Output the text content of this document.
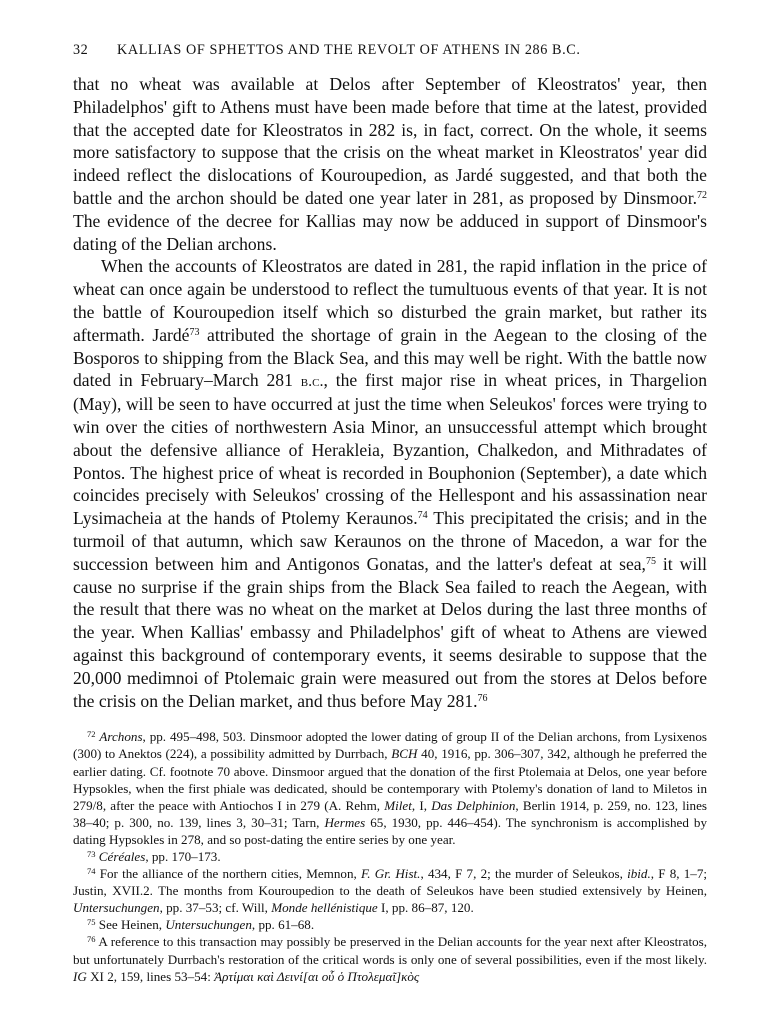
32	KALLIAS OF SPHETTOS AND THE REVOLT OF ATHENS IN 286 B.C.

that no wheat was available at Delos after September of Kleostratos' year, then Philadelphos' gift to Athens must have been made before that time at the latest, provided that the accepted date for Kleostratos in 282 is, in fact, correct. On the whole, it seems more satisfactory to suppose that the crisis on the wheat market in Kleostratos' year did indeed reflect the dislocations of Kouroupedion, as Jardé suggested, and that both the battle and the archon should be dated one year later in 281, as proposed by Dinsmoor.$^{72}$ The evidence of the decree for Kallias may now be adduced in support of Dinsmoor's dating of the Delian archons.

When the accounts of Kleostratos are dated in 281, the rapid inflation in the price of wheat can once again be understood to reflect the tumultuous events of that year. It is not the battle of Kouroupedion itself which so disturbed the grain market, but rather its aftermath. Jardé$^{73}$ attributed the shortage of grain in the Aegean to the closing of the Bosporos to shipping from the Black Sea, and this may well be right. With the battle now dated in February–March 281 b.c., the first major rise in wheat prices, in Thargelion (May), will be seen to have occurred at just the time when Seleukos' forces were trying to win over the cities of northwestern Asia Minor, an unsuccessful attempt which brought about the defensive alliance of Herakleia, Byzantion, Chalkedon, and Mithradates of Pontos. The highest price of wheat is recorded in Bouphonion (September), a date which coincides precisely with Seleukos' crossing of the Hellespont and his assassination near Lysimacheia at the hands of Ptolemy Keraunos.$^{74}$ This precipitated the crisis; and in the turmoil of that autumn, which saw Keraunos on the throne of Macedon, a war for the succession between him and Antigonos Gonatas, and the latter's defeat at sea,$^{75}$ it will cause no surprise if the grain ships from the Black Sea failed to reach the Aegean, with the result that there was no wheat on the market at Delos during the last three months of the year. When Kallias' embassy and Philadelphos' gift of wheat to Athens are viewed against this background of contemporary events, it seems desirable to suppose that the 20,000 medimnoi of Ptolemaic grain were measured out from the stores at Delos before the crisis on the Delian market, and thus before May 281.76

$^{72}$ Archons, pp. 495–498, 503. Dinsmoor adopted the lower dating of group II of the Delian archons, from Lysixenos (300) to Anektos (224), a possibility admitted by Durrbach, BCH 40, 1916, pp. 306–307, 342, although he preferred the earlier dating. Cf. footnote 70 above. Dinsmoor argued that the donation of the first Ptolemaia at Delos, one year before Hypsokles, when the first phiale was dedicated, should be contemporary with Ptolemy's donation of land to Miletos in 279/8, after the peace with Antiochos I in 279 (A. Rehm, Milet, I, Das Delphinion, Berlin 1914, p. 259, no. 123, lines 38–40; p. 300, no. 139, lines 3, 30–31; Tarn, Hermes 65, 1930, pp. 446–454). The synchronism is accomplished by dating Hypsokles in 278, and so post-dating the entire series by one year.

$^{73}$ Céréales, pp. 170–173.

$^{74}$ For the alliance of the northern cities, Memnon, F. Gr. Hist., 434, F 7, 2; the murder of Seleukos, ibid., F 8, 1–7; Justin, XVII.2. The months from Kouroupedion to the death of Seleukos have been studied extensively by Heinen, Untersuchungen, pp. 37–53; cf. Will, Monde hellénistique I, pp. 86–87, 120.

$^{75}$ See Heinen, Untersuchungen, pp. 61–68.

$^{76}$ A reference to this transaction may possibly be preserved in the Delian accounts for the year next after Kleostratos, but unfortunately Durrbach's restoration of the critical words is only one of several possibilities, even if the most likely. IG XI 2, 159, lines 53–54: Ἀρτίμαι καὶ Δεινί[αι οὗ ὁ Πτολεμαῖ]κὸς
